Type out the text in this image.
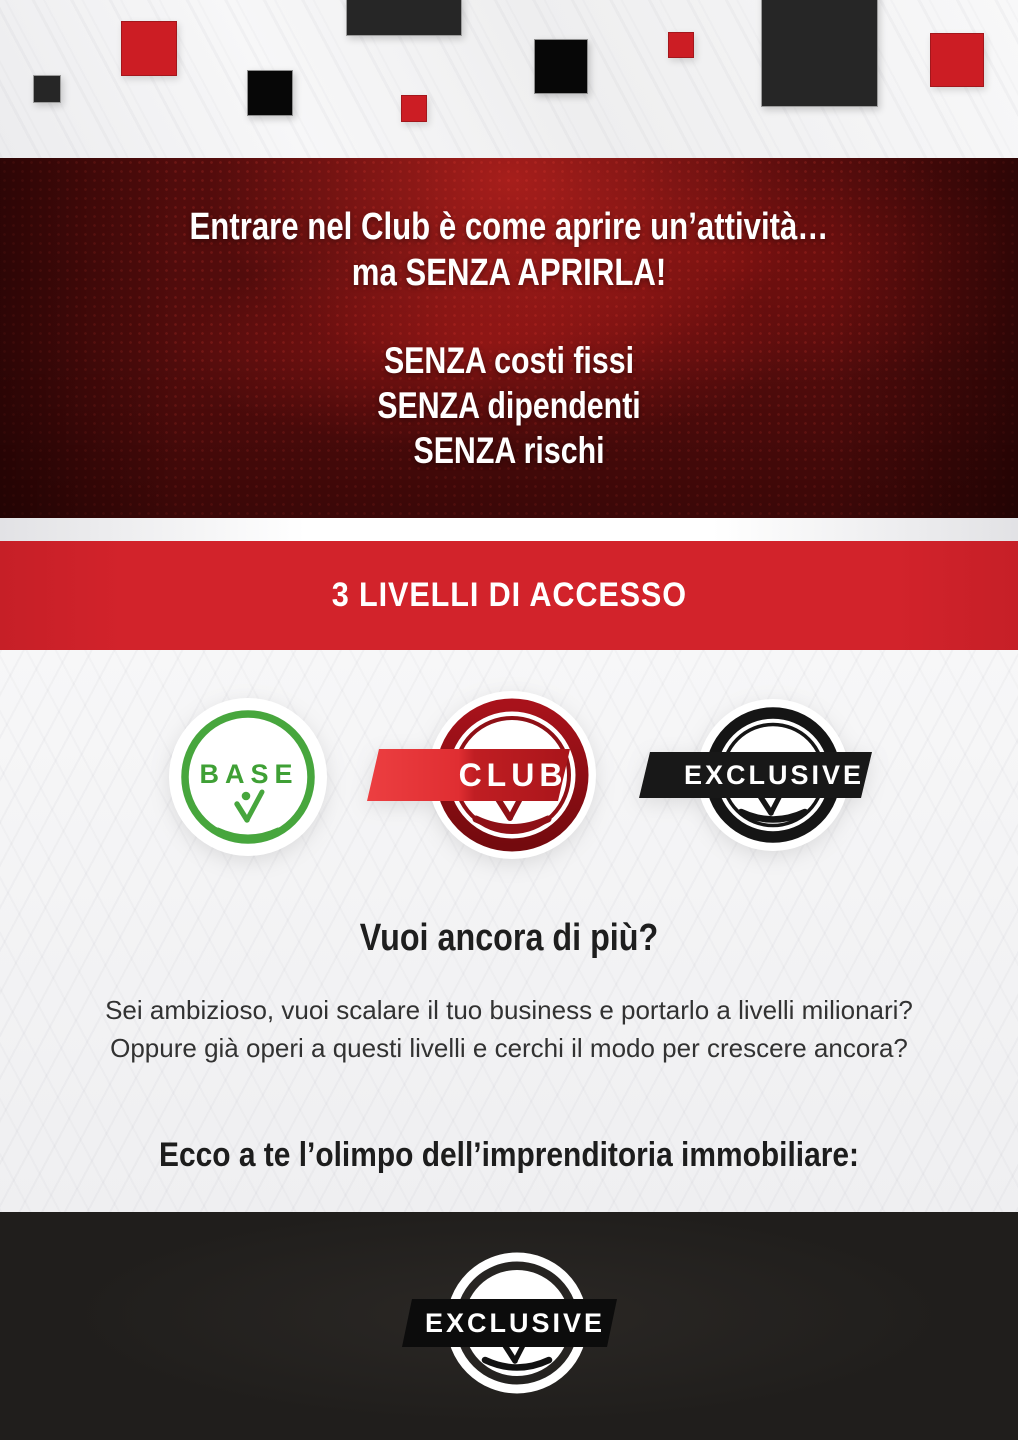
Entrare nel Club è come aprire un’attività…
ma SENZA APRIRLA!
SENZA costi fissi
SENZA dipendenti
SENZA rischi
3 LIVELLI DI ACCESSO
BASE	CLUB	EXCLUSIVE
Vuoi ancora di più?
Sei ambizioso, vuoi scalare il tuo business e portarlo a livelli milionari? Oppure già operi a questi livelli e cerchi il modo per crescere ancora?
Ecco a te l’olimpo dell’imprenditoria immobiliare:
EXCLUSIVE
